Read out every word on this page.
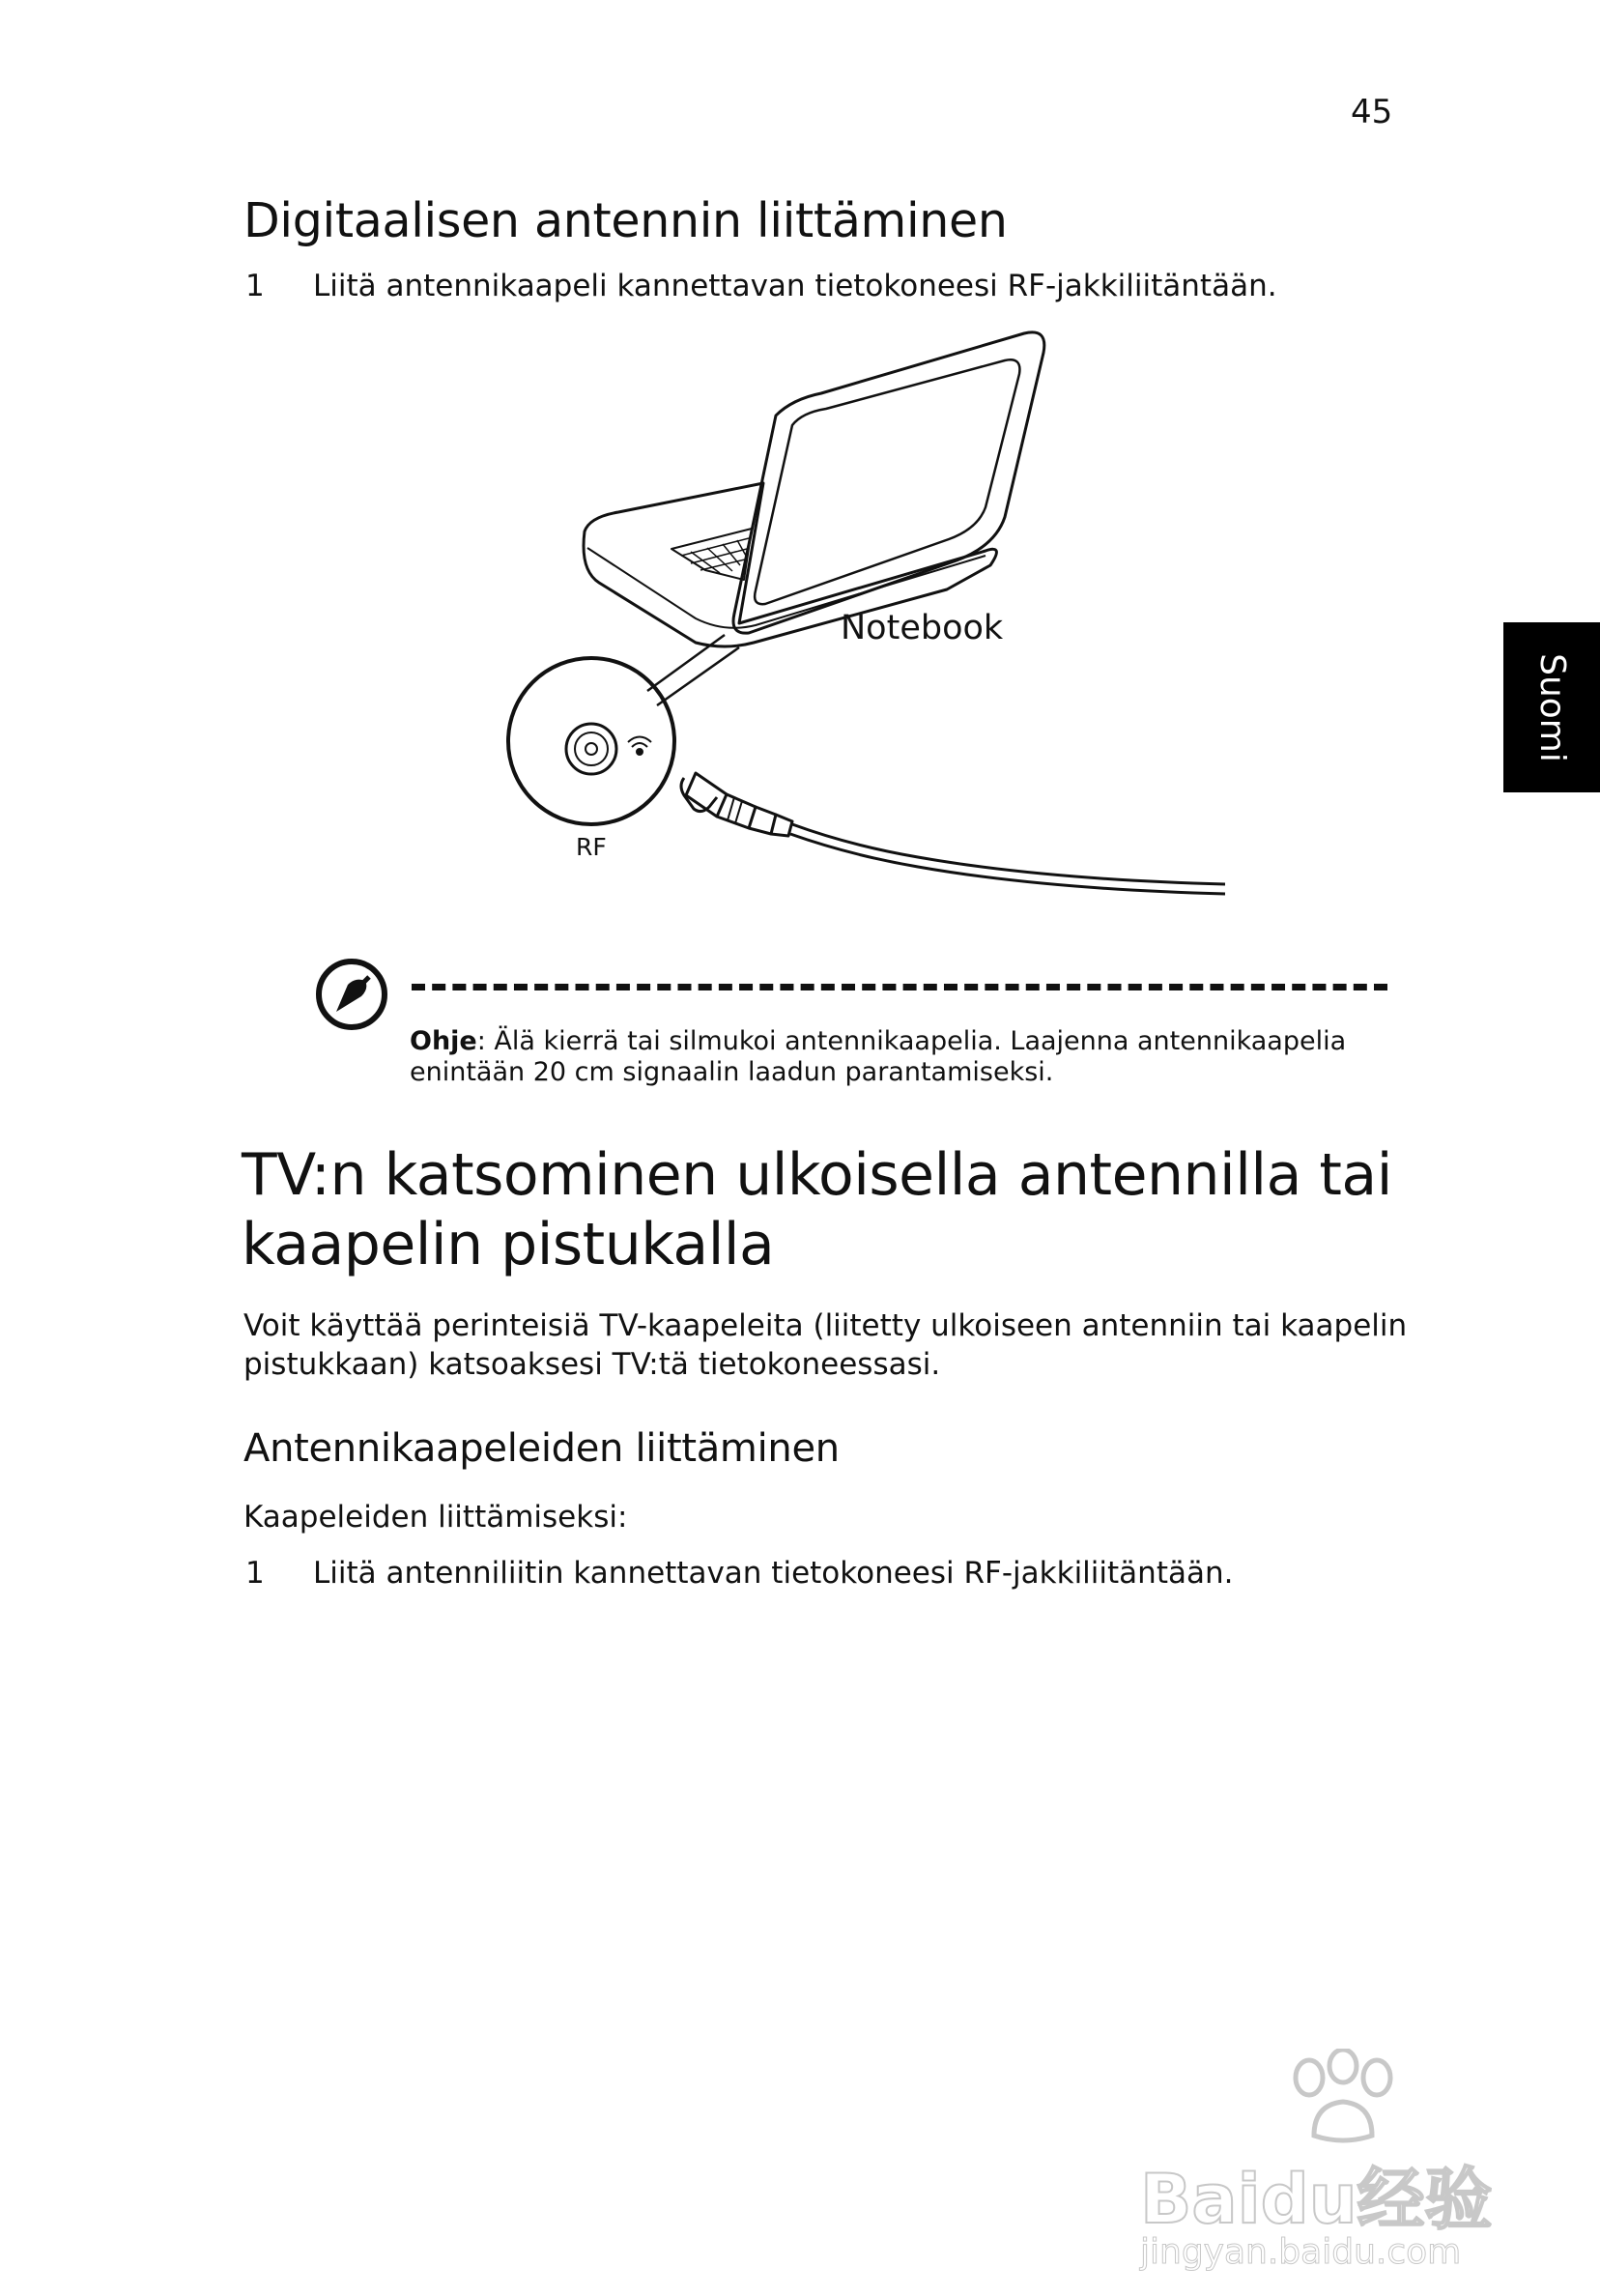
45
Suomi
Digitaalisen antennin liittäminen
1 Liitä antennikaapeli kannettavan tietokoneesi RF-jakkiliitäntään.
Notebook
RF
Ohje: Älä kierrä tai silmukoi antennikaapelia. Laajenna antennikaapelia
enintään 20 cm signaalin laadun parantamiseksi.
TV:n katsominen ulkoisella antennilla tai
kaapelin pistukalla
Voit käyttää perinteisiä TV-kaapeleita (liitetty ulkoiseen antenniin tai kaapelin
pistukkaan) katsoaksesi TV:tä tietokoneessasi.
Antennikaapeleiden liittäminen
Kaapeleiden liittämiseksi:
1 Liitä antenniliitin kannettavan tietokoneesi RF-jakkiliitäntään.
Baidu经验
jingyan.baidu.com
